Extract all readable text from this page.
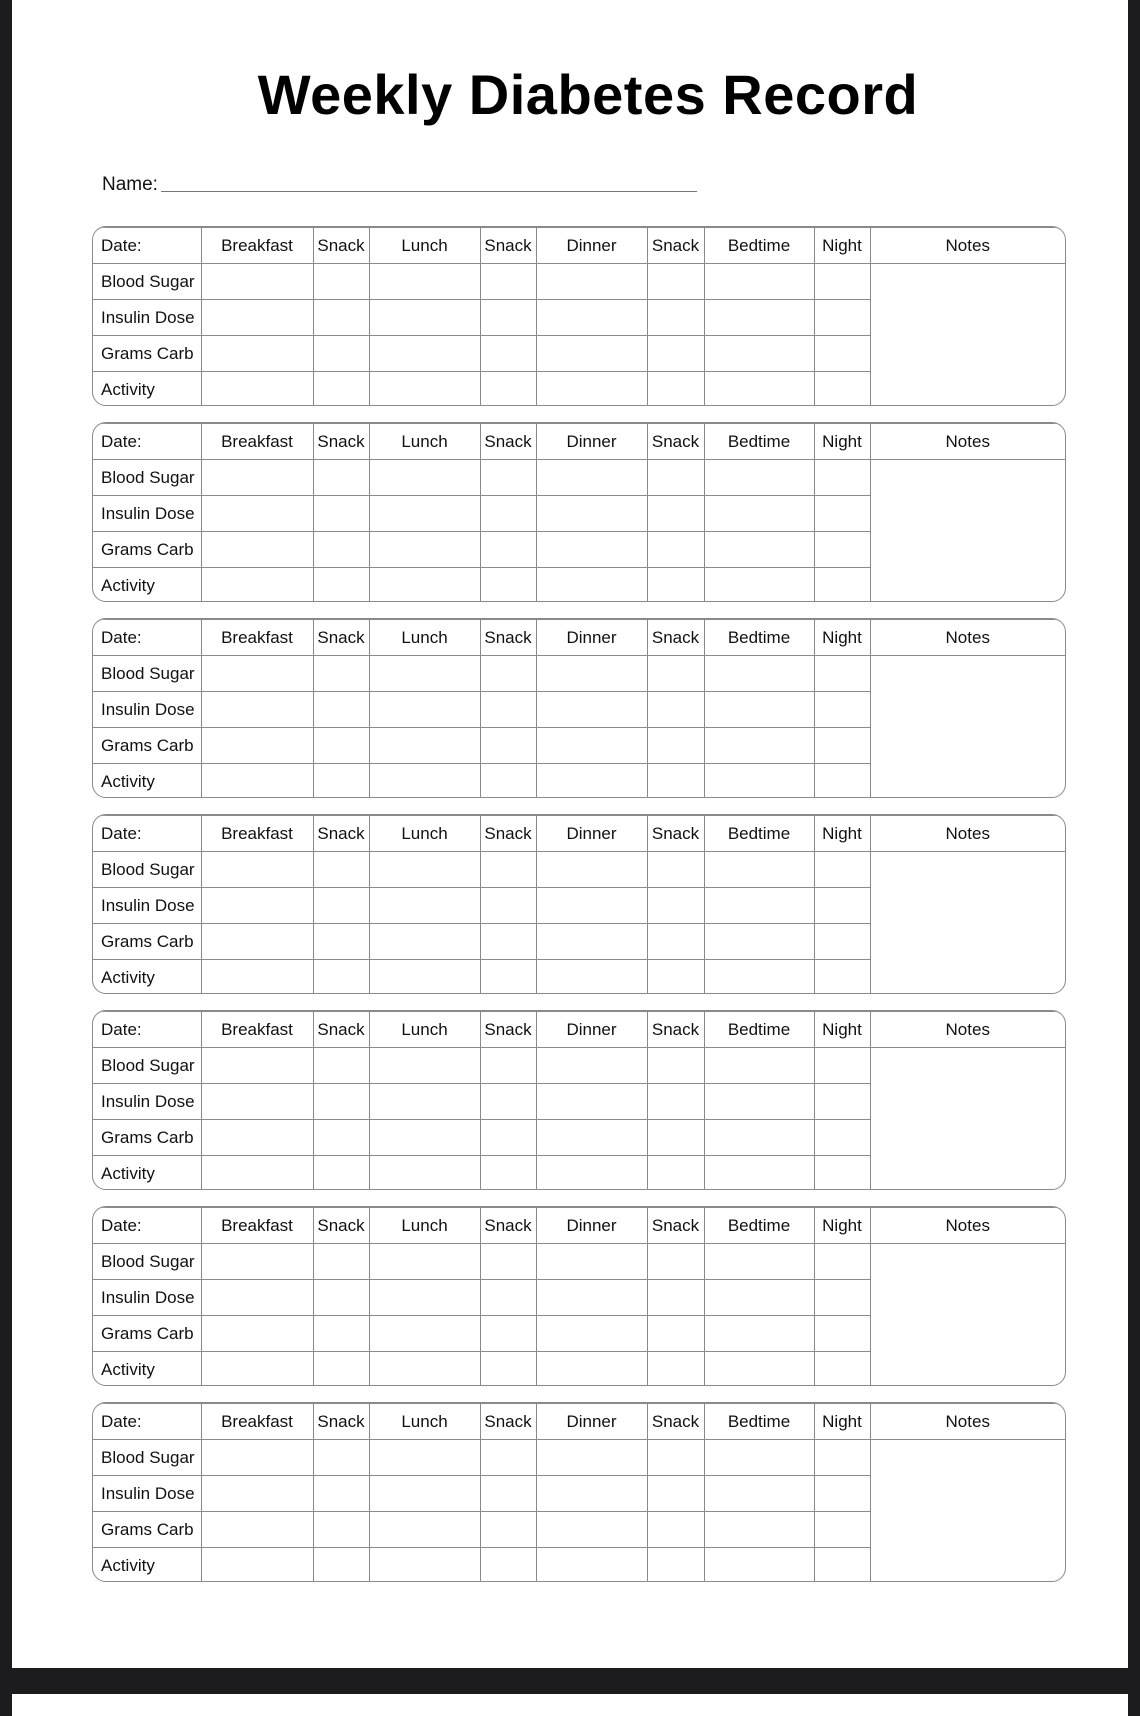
Weekly Diabetes Record
Name:
Date:	Breakfast	Snack	Lunch	Snack	Dinner	Snack	Bedtime	Night	Notes
Blood Sugar									
Insulin Dose									
Grams Carb									
Activity									
Date:	Breakfast	Snack	Lunch	Snack	Dinner	Snack	Bedtime	Night	Notes
Blood Sugar									
Insulin Dose									
Grams Carb									
Activity									
Date:	Breakfast	Snack	Lunch	Snack	Dinner	Snack	Bedtime	Night	Notes
Blood Sugar									
Insulin Dose									
Grams Carb									
Activity									
Date:	Breakfast	Snack	Lunch	Snack	Dinner	Snack	Bedtime	Night	Notes
Blood Sugar									
Insulin Dose									
Grams Carb									
Activity									
Date:	Breakfast	Snack	Lunch	Snack	Dinner	Snack	Bedtime	Night	Notes
Blood Sugar									
Insulin Dose									
Grams Carb									
Activity									
Date:	Breakfast	Snack	Lunch	Snack	Dinner	Snack	Bedtime	Night	Notes
Blood Sugar									
Insulin Dose									
Grams Carb									
Activity									
Date:	Breakfast	Snack	Lunch	Snack	Dinner	Snack	Bedtime	Night	Notes
Blood Sugar									
Insulin Dose									
Grams Carb									
Activity									
